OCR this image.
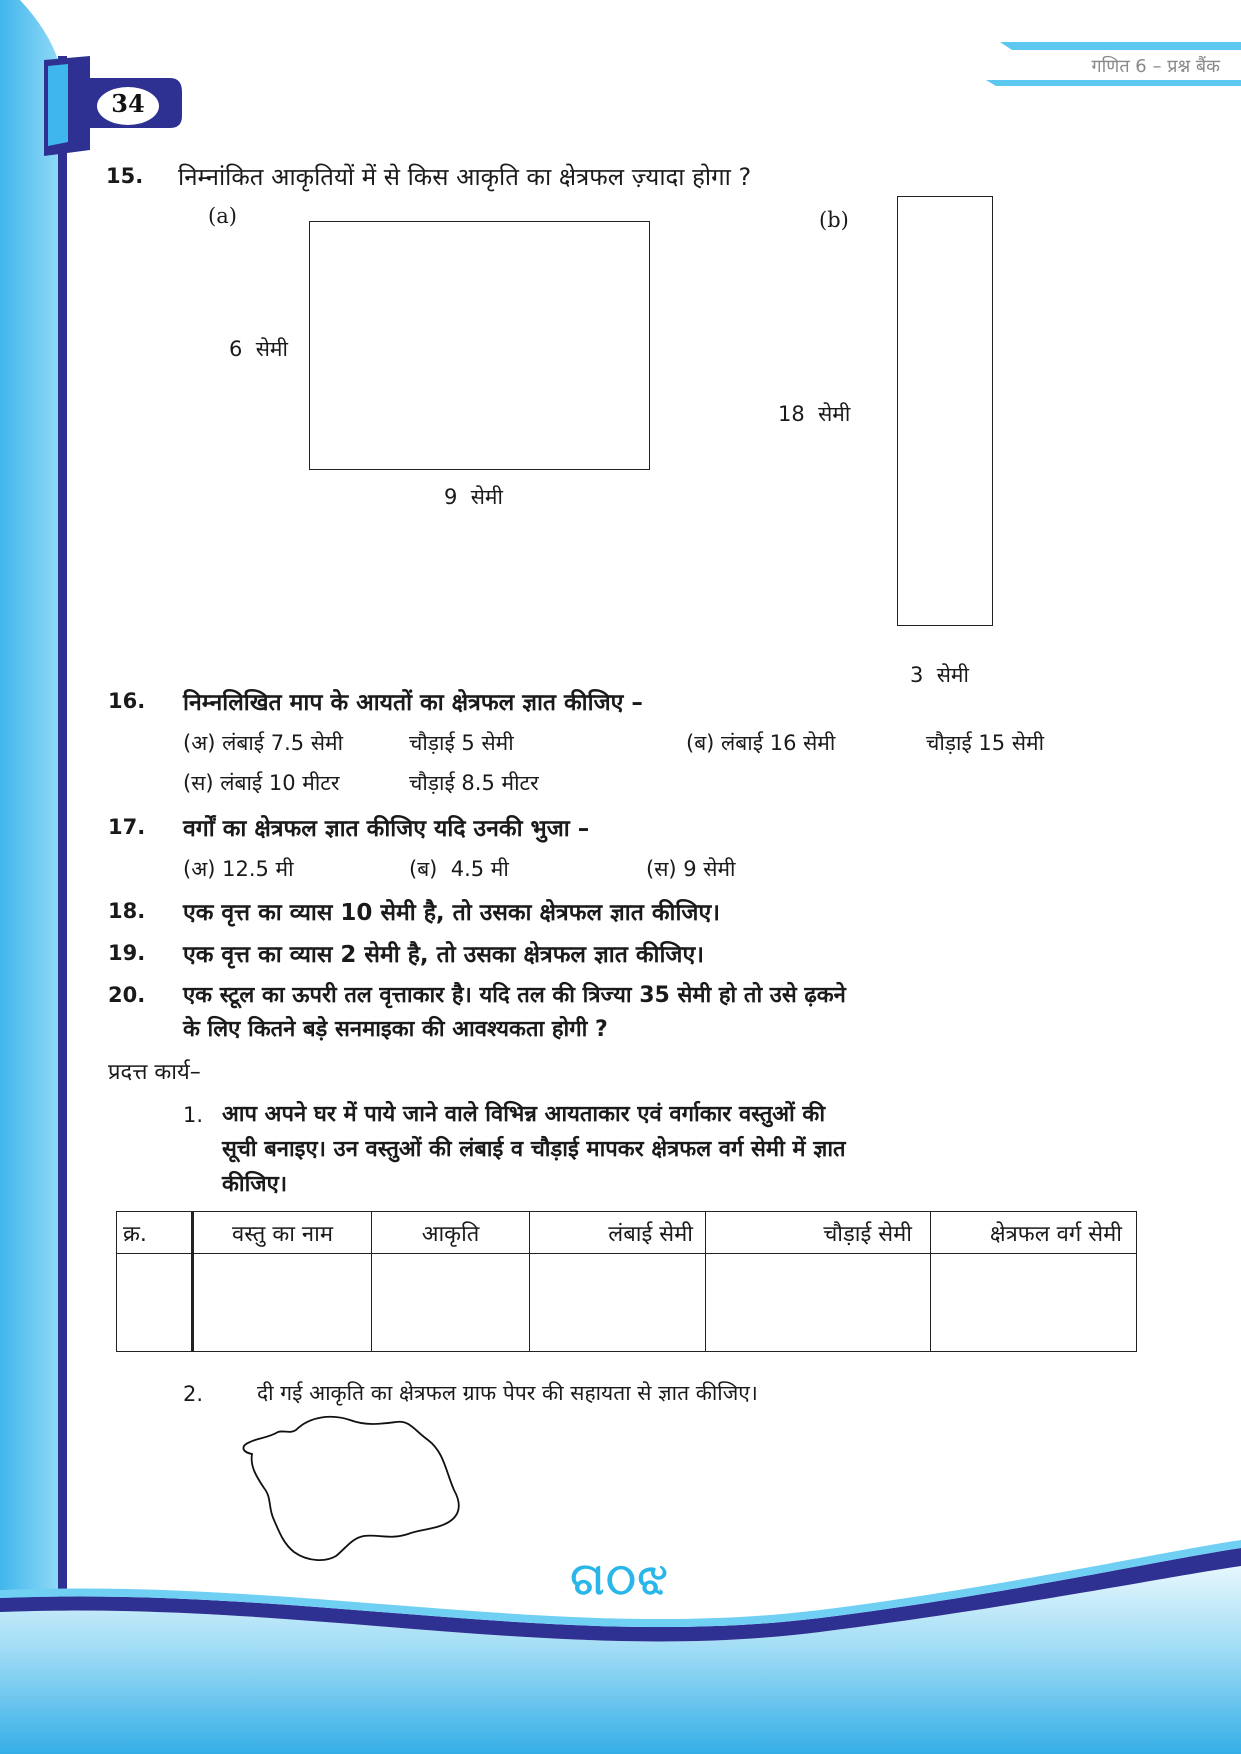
गणित 6 – प्रश्न बैंक
34
15. निम्नांकित आकृतियों में से किस आकृति का क्षेत्रफल ज़्यादा होगा ?
(a)
6  सेमी
9  सेमी
(b)
18  सेमी
3  सेमी
16. निम्नलिखित माप के आयतों का क्षेत्रफल ज्ञात कीजिए –
(अ) लंबाई 7.5 सेमी	चौड़ाई 5 सेमी	(ब) लंबाई 16 सेमी	चौड़ाई 15 सेमी
(स) लंबाई 10 मीटर	चौड़ाई 8.5 मीटर
17. वर्गों का क्षेत्रफल ज्ञात कीजिए यदि उनकी भुजा –
(अ) 12.5 मी	(ब)  4.5 मी	(स) 9 सेमी
18. एक वृत्त का व्यास 10 सेमी है, तो उसका क्षेत्रफल ज्ञात कीजिए।
19. एक वृत्त का व्यास 2 सेमी है, तो उसका क्षेत्रफल ज्ञात कीजिए।
20. एक स्टूल का ऊपरी तल वृत्ताकार है। यदि तल की त्रिज्या 35 सेमी हो तो उसे ढ़कने
के लिए कितने बड़े सनमाइका की आवश्यकता होगी ?
प्रदत्त कार्य–
1. आप अपने घर में पाये जाने वाले विभिन्न आयताकार एवं वर्गाकार वस्तुओं की
सूची बनाइए। उन वस्तुओं की लंबाई व चौड़ाई मापकर क्षेत्रफल वर्ग सेमी में ज्ञात
कीजिए।
क्र.	वस्तु का नाम	आकृति	लंबाई सेमी	चौड़ाई सेमी	क्षेत्रफल वर्ग सेमी

2.	दी गई आकृति का क्षेत्रफल ग्राफ पेपर की सहायता से ज्ञात कीजिए।
ଗଠଝ
